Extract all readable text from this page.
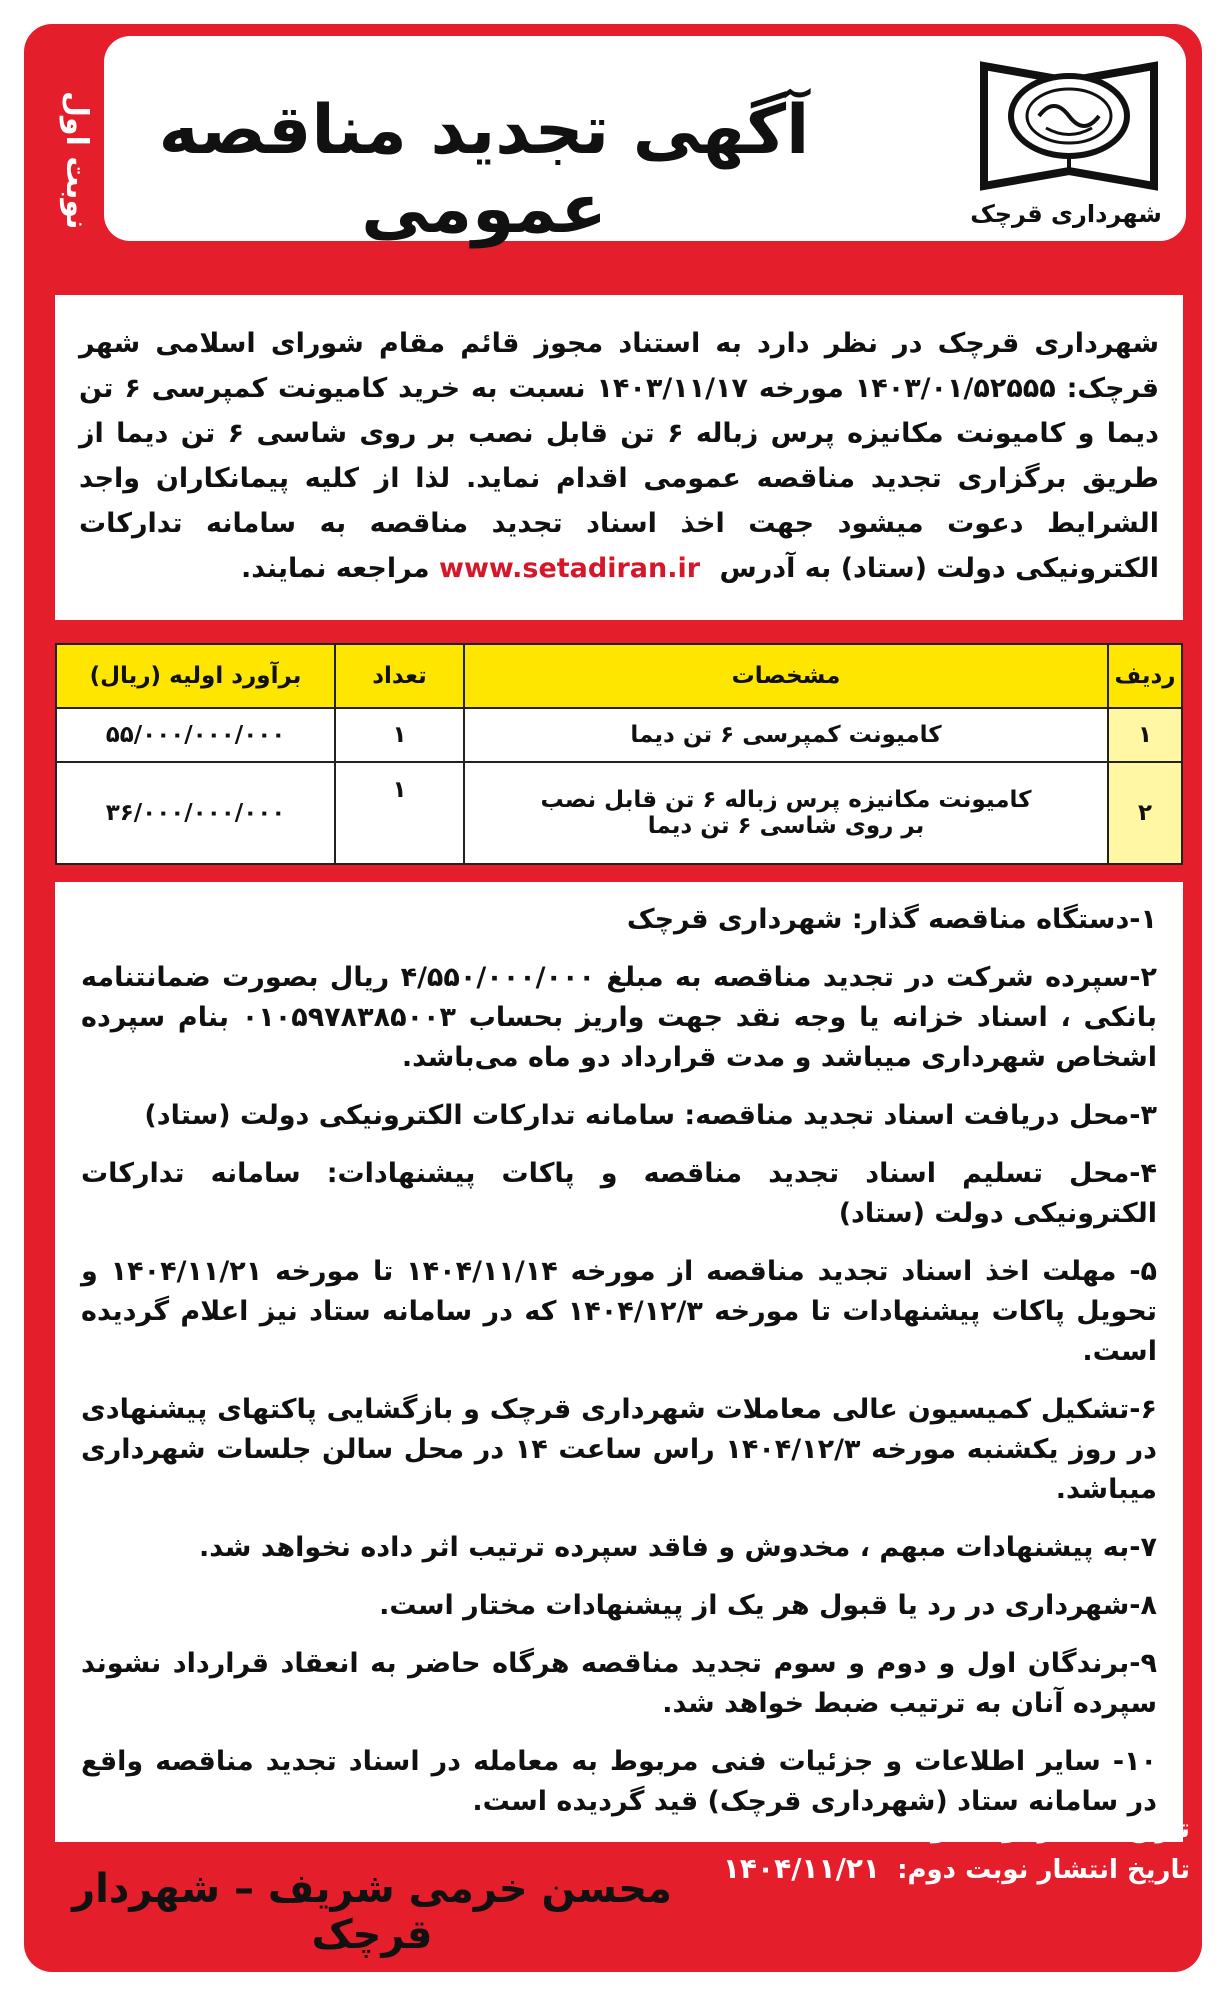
نوبت اول آگهی تجدید مناقصه عمومی	شهرداری قرچک
شهرداری قرچک در نظر دارد به استناد مجوز قائم مقام شورای اسلامی شهر قرچک: ۱۴۰۳/۰۱/۵۲۵۵۵ مورخه ۱۴۰۳/۱۱/۱۷ نسبت به خرید کامیونت کمپرسی ۶ تن دیما و کامیونت مکانیزه پرس زباله ۶ تن قابل نصب بر روی شاسی ۶ تن دیما از طریق برگزاری تجدید مناقصه عمومی اقدام نماید. لذا از کلیه پیمانکاران واجد الشرایط دعوت میشود جهت اخذ اسناد تجدید مناقصه به سامانه تدارکات الکترونیکی دولت (ستاد) به آدرس www.setadiran.ir مراجعه نمایند.
ردیف	مشخصات	تعداد	برآورد اولیه (ریال)
۱	کامیونت کمپرسی ۶ تن دیما	۱	۵۵/۰۰۰/۰۰۰/۰۰۰
۲	کامیونت مکانیزه پرس زباله ۶ تن قابل نصب
بر روی شاسی ۶ تن دیما	۱	۳۶/۰۰۰/۰۰۰/۰۰۰

۱-دستگاه مناقصه گذار: شهرداری قرچک

۲-سپرده شرکت در تجدید مناقصه به مبلغ ۴/۵۵۰/۰۰۰/۰۰۰ ریال بصورت ضمانتنامه بانکی ، اسناد خزانه یا وجه نقد جهت واریز بحساب ۰۱۰۵۹۷۸۳۸۵۰۰۳ بنام سپرده اشخاص شهرداری میباشد و مدت قرارداد دو ماه می‌باشد.

۳-محل دریافت اسناد تجدید مناقصه: سامانه تدارکات الکترونیکی دولت (ستاد)

۴-محل تسلیم اسناد تجدید مناقصه و پاکات پیشنهادات: سامانه تدارکات الکترونیکی دولت (ستاد)

۵- مهلت اخذ اسناد تجدید مناقصه از مورخه ۱۴۰۴/۱۱/۱۴ تا مورخه ۱۴۰۴/۱۱/۲۱ و تحویل پاکات پیشنهادات تا مورخه ۱۴۰۴/۱۲/۳ که در سامانه ستاد نیز اعلام گردیده است.

۶-تشکیل کمیسیون عالی معاملات شهرداری قرچک و بازگشایی پاکتهای پیشنهادی در روز یکشنبه مورخه ۱۴۰۴/۱۲/۳ راس ساعت ۱۴ در محل سالن جلسات شهرداری میباشد.

۷-به پیشنهادات مبهم ، مخدوش و فاقد سپرده ترتیب اثر داده نخواهد شد.

۸-شهرداری در رد یا قبول هر یک از پیشنهادات مختار است.

۹-برندگان اول و دوم و سوم تجدید مناقصه هرگاه حاضر به انعقاد قرارداد نشوند سپرده آنان به ترتیب ضبط خواهد شد.

۱۰- سایر اطلاعات و جزئیات فنی مربوط به معامله در اسناد تجدید مناقصه واقع در سامانه ستاد (شهرداری قرچک) قید گردیده است.

تاریخ انتشار نوبت اول: ۱۴۰۴/۱۱/۱۴
تاریخ انتشار نوبت دوم: ۱۴۰۴/۱۱/۲۱
محسن خرمی شریف – شهردار قرچک
